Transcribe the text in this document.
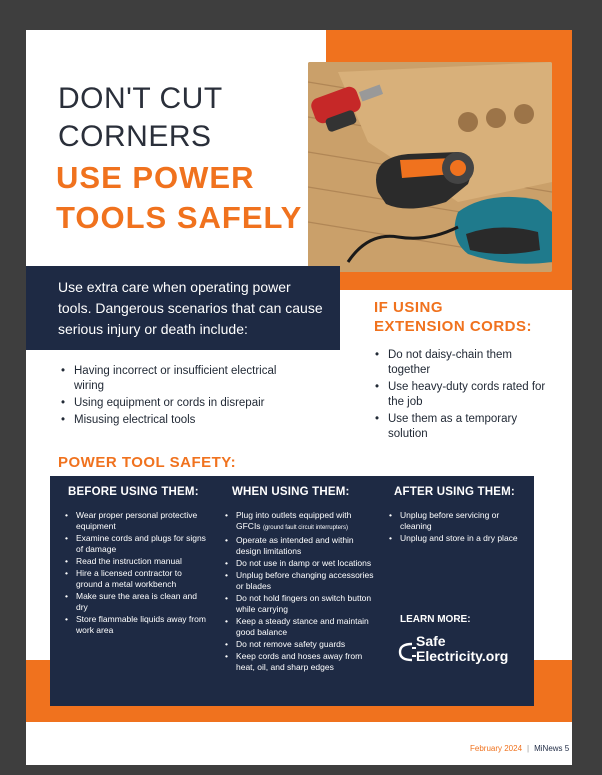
DON'T CUT
CORNERS
USE POWER
TOOLS SAFELY

Use extra care when operating power tools. Dangerous scenarios that can cause serious injury or death include:

• Having incorrect or insufficient electrical wiring
• Using equipment or cords in disrepair
• Misusing electrical tools
IF USING
EXTENSION CORDS:
• Do not daisy-chain them together
• Use heavy-duty cords rated for the job
• Use them as a temporary solution
POWER TOOL SAFETY:
BEFORE USING THEM:	WHEN USING THEM:	AFTER USING THEM:
• Wear proper personal protective equipment
• Examine cords and plugs for signs of damage
• Read the instruction manual
• Hire a licensed contractor to ground a metal workbench
• Make sure the area is clean and dry
• Store flammable liquids away from work area
• Plug into outlets equipped with GFCIs (ground fault circuit interrupters)
• Operate as intended and within design limitations
• Do not use in damp or wet locations
• Unplug before changing accessories or blades
• Do not hold fingers on switch button while carrying
• Keep a steady stance and maintain good balance
• Do not remove safety guards
• Keep cords and hoses away from heat, oil, and sharp edges
• Unplug before servicing or cleaning
• Unplug and store in a dry place
LEARN MORE:
Safe
Electricity.org
February 2024 | MiNews 5
